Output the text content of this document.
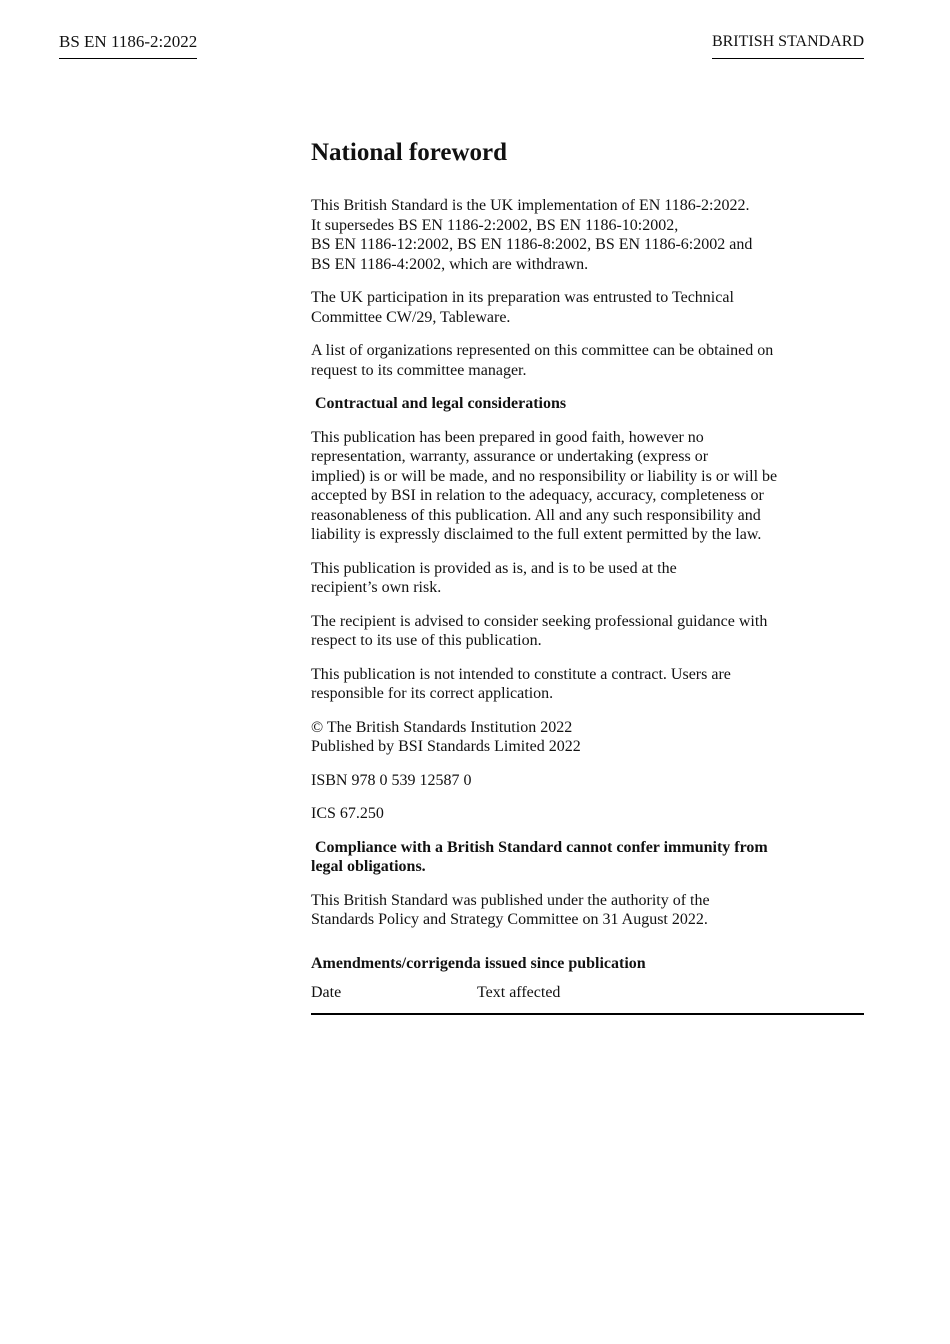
BS EN 1186-2:2022	BRITISH STANDARD
National foreword

This British Standard is the UK implementation of EN 1186-2:2022.
It supersedes BS EN 1186-2:2002, BS EN 1186-10:2002,
BS EN 1186-12:2002, BS EN 1186-8:2002, BS EN 1186-6:2002 and
BS EN 1186-4:2002, which are withdrawn.

The UK participation in its preparation was entrusted to Technical
Committee CW/29, Tableware.

A list of organizations represented on this committee can be obtained on
request to its committee manager.

Contractual and legal considerations

This publication has been prepared in good faith, however no
representation, warranty, assurance or undertaking (express or
implied) is or will be made, and no responsibility or liability is or will be
accepted by BSI in relation to the adequacy, accuracy, completeness or
reasonableness of this publication. All and any such responsibility and
liability is expressly disclaimed to the full extent permitted by the law.

This publication is provided as is, and is to be used at the
recipient’s own risk.

The recipient is advised to consider seeking professional guidance with
respect to its use of this publication.

This publication is not intended to constitute a contract. Users are
responsible for its correct application.

© The British Standards Institution 2022
Published by BSI Standards Limited 2022

ISBN 978 0 539 12587 0

ICS 67.250

Compliance with a British Standard cannot confer immunity from
legal obligations.

This British Standard was published under the authority of the
Standards Policy and Strategy Committee on 31 August 2022.

Amendments/corrigenda issued since publication
Date	Text affected
